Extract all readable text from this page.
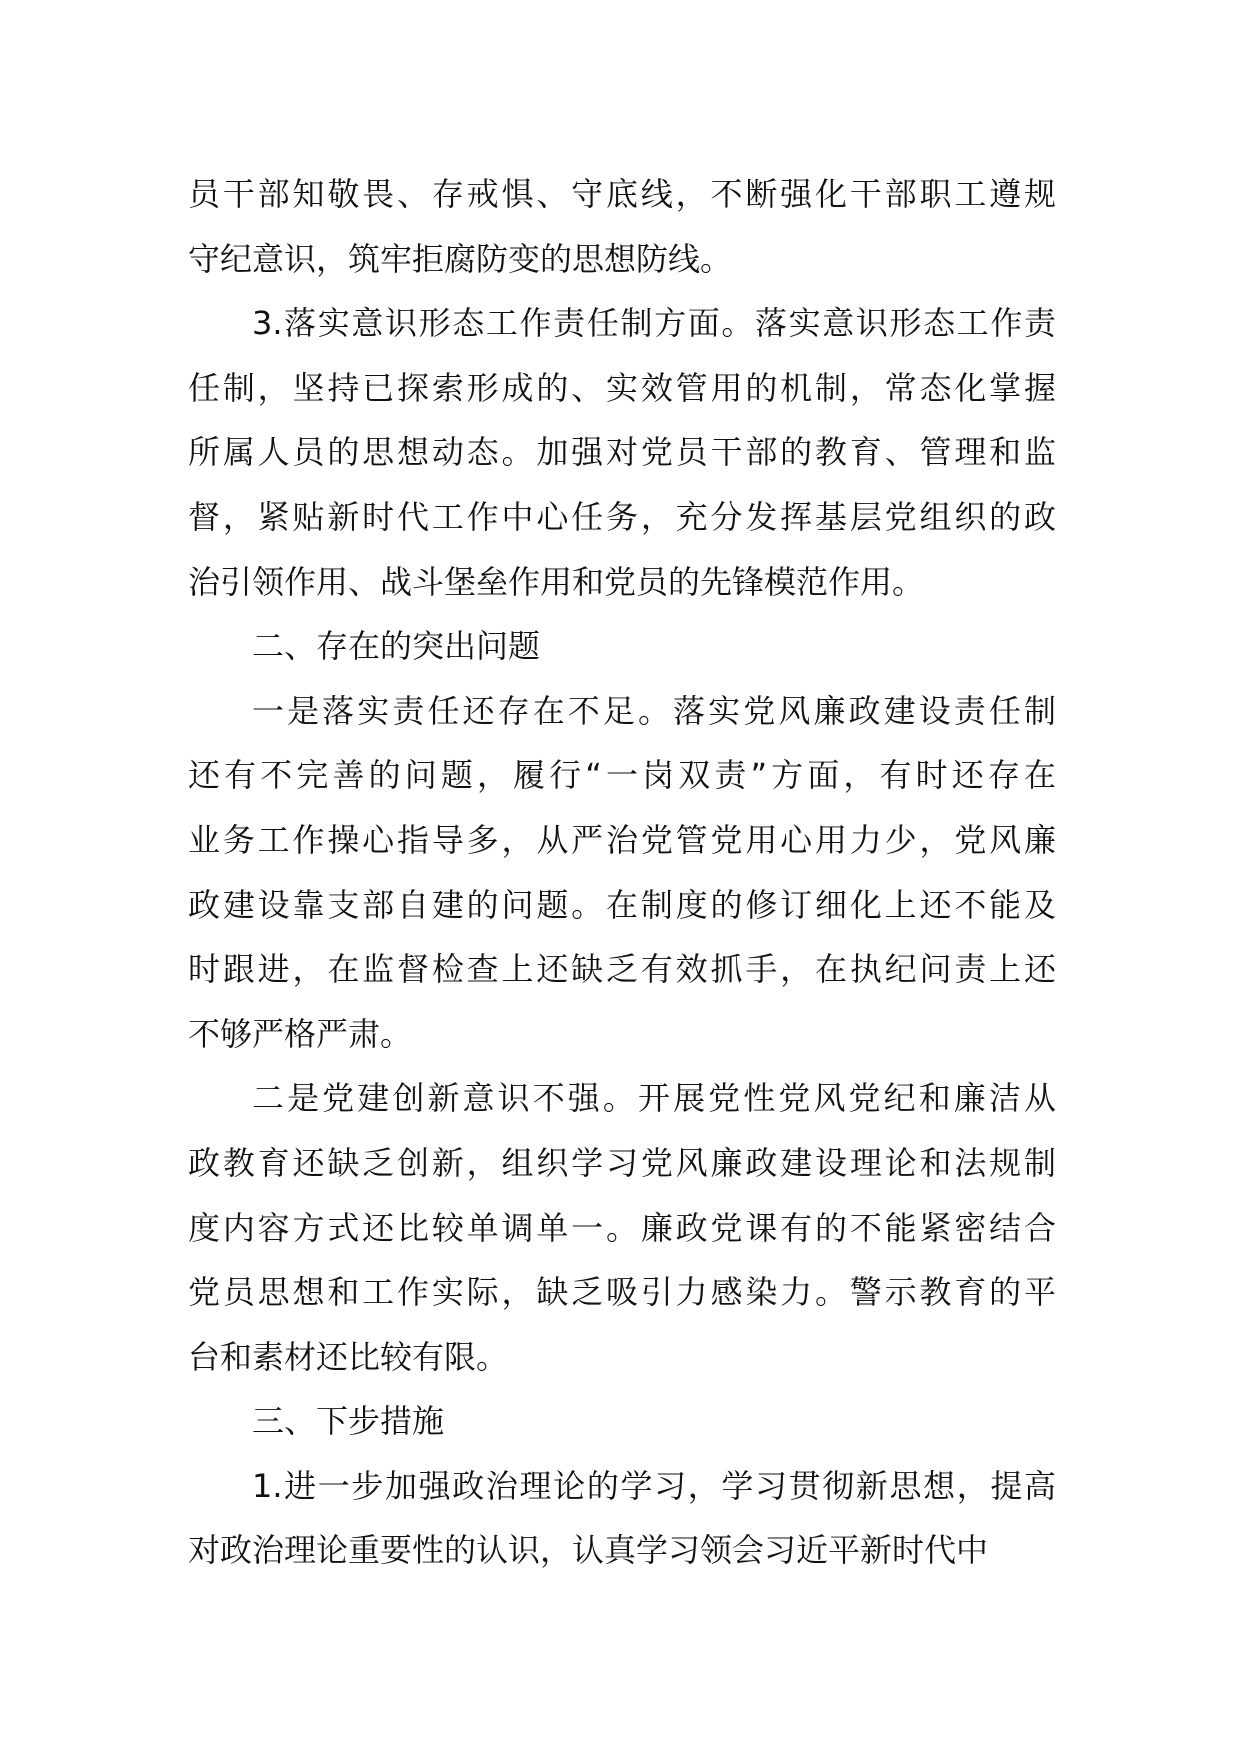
员干部知敬畏、存戒惧、守底线，不断强化干部职工遵规
守纪意识，筑牢拒腐防变的思想防线。
3.落实意识形态工作责任制方面。落实意识形态工作责
任制，坚持已探索形成的、实效管用的机制，常态化掌握
所属人员的思想动态。加强对党员干部的教育、管理和监
督，紧贴新时代工作中心任务，充分发挥基层党组织的政
治引领作用、战斗堡垒作用和党员的先锋模范作用。
二、存在的突出问题
一是落实责任还存在不足。落实党风廉政建设责任制
还有不完善的问题，履行“一岗双责”方面，有时还存在
业务工作操心指导多，从严治党管党用心用力少，党风廉
政建设靠支部自建的问题。在制度的修订细化上还不能及
时跟进，在监督检查上还缺乏有效抓手，在执纪问责上还
不够严格严肃。
二是党建创新意识不强。开展党性党风党纪和廉洁从
政教育还缺乏创新，组织学习党风廉政建设理论和法规制
度内容方式还比较单调单一。廉政党课有的不能紧密结合
党员思想和工作实际，缺乏吸引力感染力。警示教育的平
台和素材还比较有限。
三、下步措施
1.进一步加强政治理论的学习，学习贯彻新思想，提高
对政治理论重要性的认识，认真学习领会习近平新时代中
